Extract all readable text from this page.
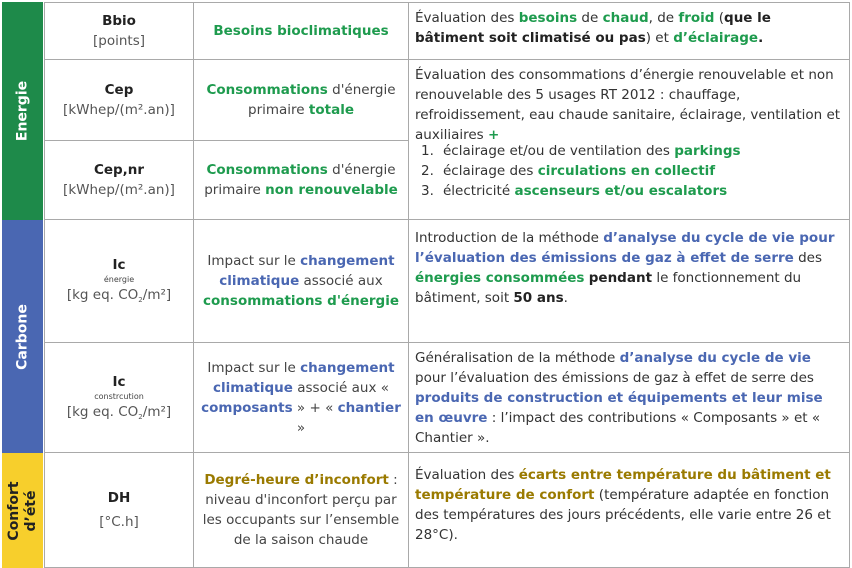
Energie
Carbone
Confort
d’été
Bbio
[points]
Besoins bioclimatiques
Évaluation des besoins de chaud, de froid (que le bâtiment soit climatisé ou pas) et d’éclairage.
Cep
[kWhep/(m².an)]
Consommations d'énergie primaire totale
Évaluation des consommations d’énergie renouvelable et non renouvelable des 5 usages RT 2012 : chauffage, refroidissement, eau chaude sanitaire, éclairage, ventilation et auxiliaires +
Cep,nr
[kWhep/(m².an)]
Consommations d'énergie primaire non renouvelable
1. éclairage et/ou de ventilation des parkings
2. éclairage des circulations en collectif
3. électricité ascenseurs et/ou escalators
Ic
énergie
[kg eq. $CO_2/m^2$]
Impact sur le changement climatique associé aux consommations d'énergie
Introduction de la méthode d’analyse du cycle de vie pour l’évaluation des émissions de gaz à effet de serre des énergies consommées pendant le fonctionnement du bâtiment, soit 50 ans.
Ic
constrcution
[kg eq. $CO_2/m^2$]
Impact sur le changement climatique associé aux « composants » + « chantier »
Généralisation de la méthode d’analyse du cycle de vie pour l’évaluation des émissions de gaz à effet de serre des produits de construction et équipements et leur mise en œuvre : l’impact des contributions « Composants » et « Chantier ».
DH
[°C.h]
Degré-heure d’inconfort : niveau d'inconfort perçu par les occupants sur l’ensemble de la saison chaude
Évaluation des écarts entre température du bâtiment et température de confort (température adaptée en fonction des températures des jours précédents, elle varie entre 26 et 28°C).
